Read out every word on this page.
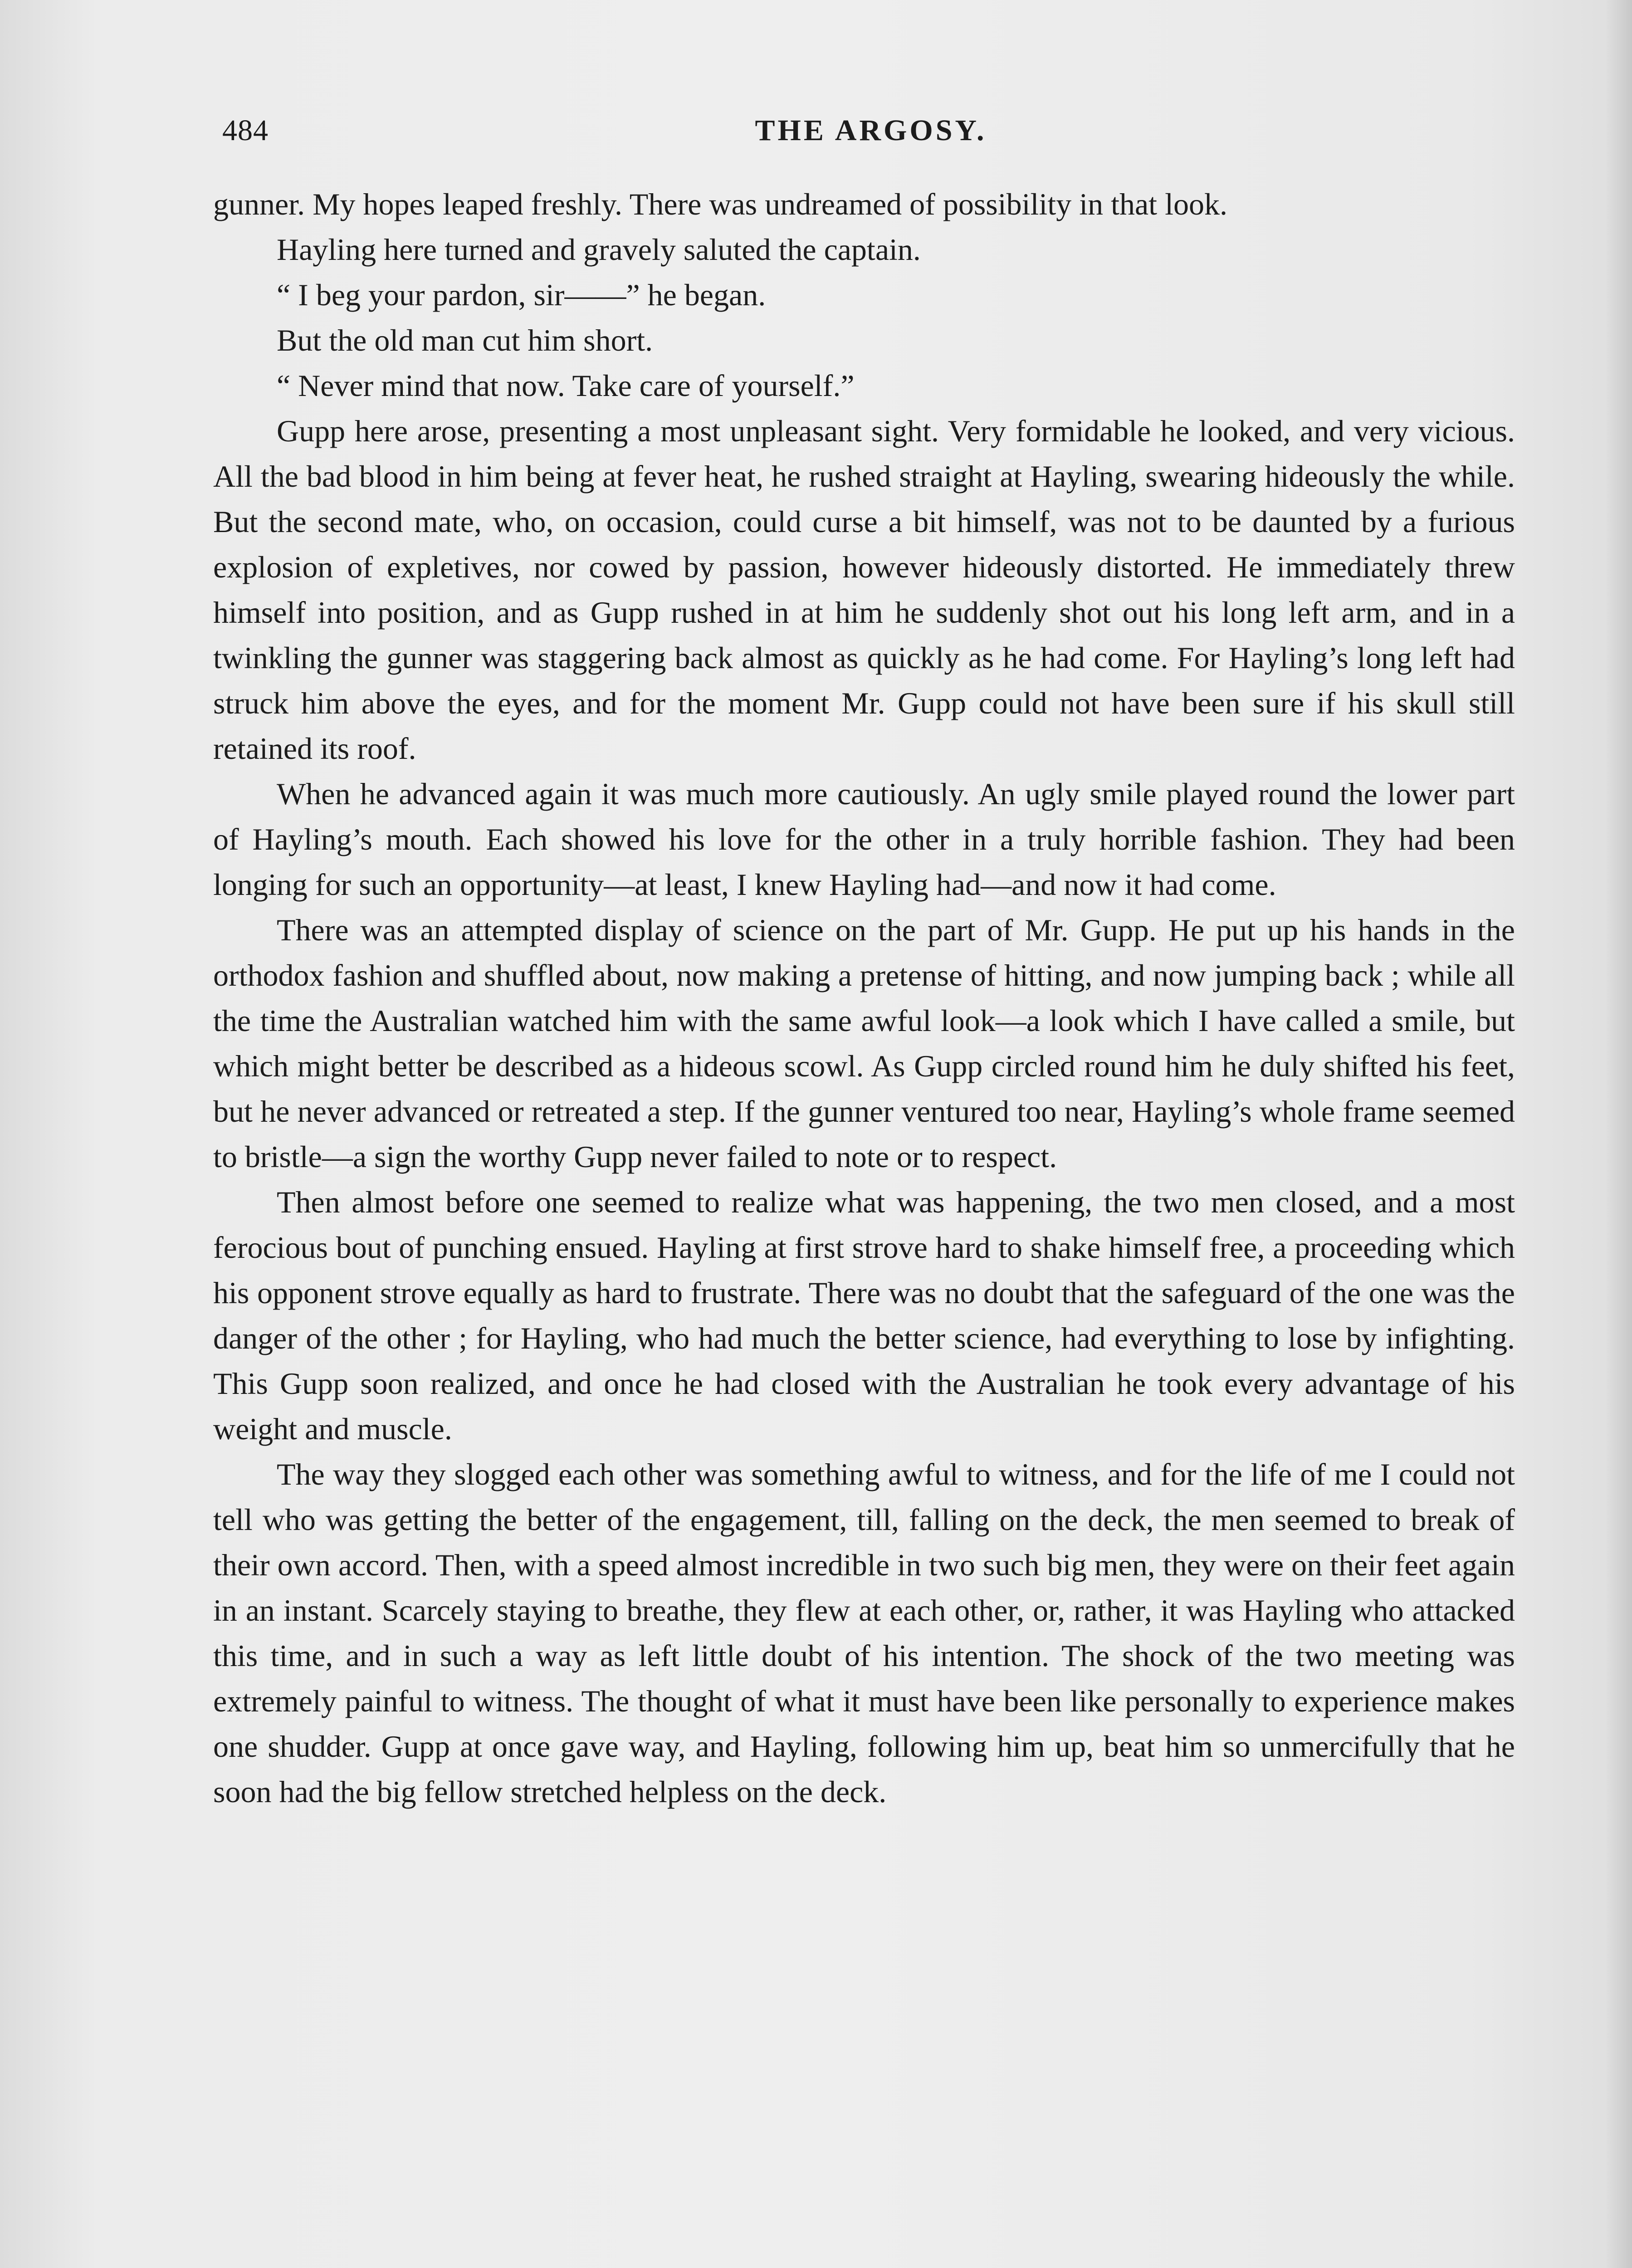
484	THE ARGOSY.

gunner. My hopes leaped freshly. There was undreamed of possibility in that look.

Hayling here turned and gravely saluted the captain.

“ I beg your pardon, sir——” he began.

But the old man cut him short.

“ Never mind that now. Take care of yourself.”

Gupp here arose, presenting a most unpleasant sight. Very formidable he looked, and very vicious. All the bad blood in him being at fever heat, he rushed straight at Hayling, swearing hideously the while. But the second mate, who, on occasion, could curse a bit himself, was not to be daunted by a furious explosion of expletives, nor cowed by passion, however hideously distorted. He immediately threw himself into position, and as Gupp rushed in at him he suddenly shot out his long left arm, and in a twinkling the gunner was staggering back almost as quickly as he had come. For Hayling’s long left had struck him above the eyes, and for the moment Mr. Gupp could not have been sure if his skull still retained its roof.

When he advanced again it was much more cautiously. An ugly smile played round the lower part of Hayling’s mouth. Each showed his love for the other in a truly horrible fashion. They had been longing for such an opportunity—at least, I knew Hayling had—and now it had come.

There was an attempted display of science on the part of Mr. Gupp. He put up his hands in the orthodox fashion and shuffled about, now making a pretense of hitting, and now jumping back ; while all the time the Australian watched him with the same awful look—a look which I have called a smile, but which might better be described as a hideous scowl. As Gupp circled round him he duly shifted his feet, but he never advanced or retreated a step. If the gunner ventured too near, Hayling’s whole frame seemed to bristle—a sign the worthy Gupp never failed to note or to respect.

Then almost before one seemed to realize what was happening, the two men closed, and a most ferocious bout of punching ensued. Hayling at first strove hard to shake himself free, a proceeding which his opponent strove equally as hard to frustrate. There was no doubt that the safeguard of the one was the danger of the other ; for Hayling, who had much the better science, had everything to lose by infighting. This Gupp soon realized, and once he had closed with the Australian he took every advantage of his weight and muscle.

The way they slogged each other was something awful to witness, and for the life of me I could not tell who was getting the better of the engagement, till, falling on the deck, the men seemed to break of their own accord. Then, with a speed almost incredible in two such big men, they were on their feet again in an instant. Scarcely staying to breathe, they flew at each other, or, rather, it was Hayling who attacked this time, and in such a way as left little doubt of his intention. The shock of the two meeting was extremely painful to witness. The thought of what it must have been like personally to experience makes one shudder. Gupp at once gave way, and Hayling, following him up, beat him so unmercifully that he soon had the big fellow stretched helpless on the deck.
